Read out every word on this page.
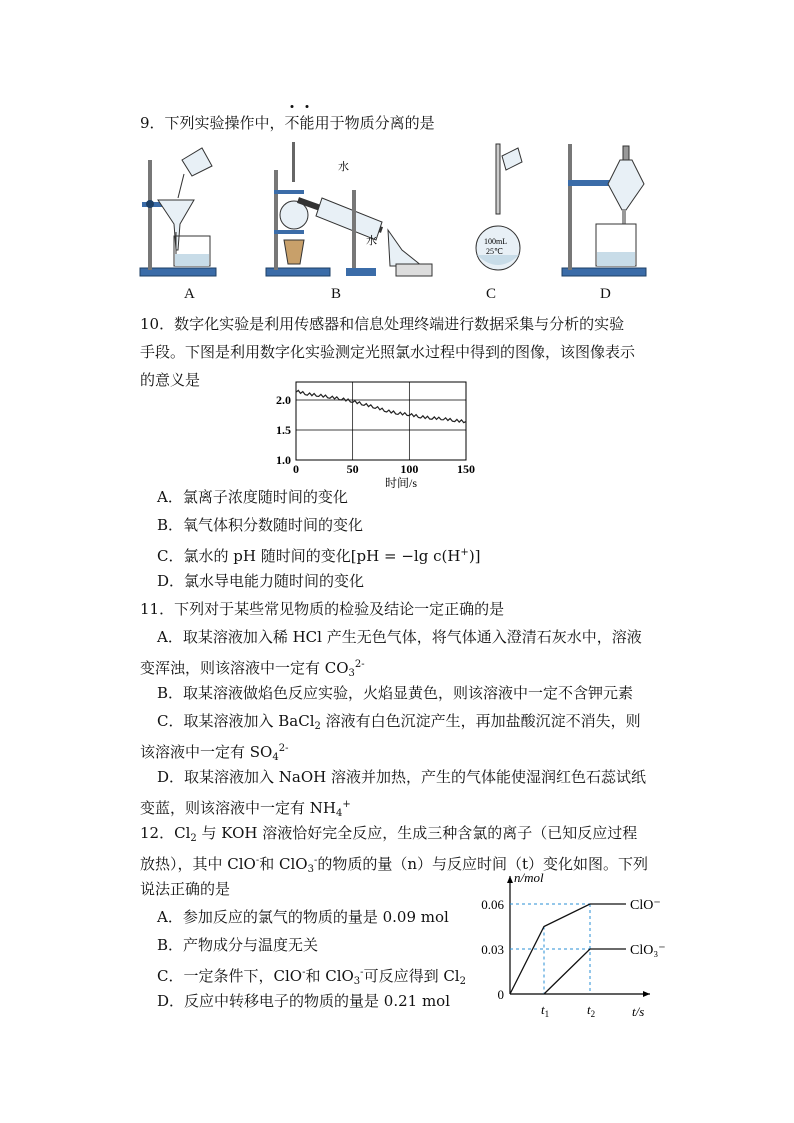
9．下列实验操作中，不能
用于物质分离的是
水
水	100mL
25℃
A	B	C	D
10．数字化实验是利用传感器和信息处理终端进行数据采集与分析的实验
手段。下图是利用数字化实验测定光照氯水过程中得到的图像，该图像表示
的意义是
0	50	100	150
1.0
1.5
2.0
时间/s
A．氯离子浓度随时间的变化
B．氧气体积分数随时间的变化
C．氯水的 pH 随时间的变化[pH = −lg c(H+)]
D．氯水导电能力随时间的变化
11．下列对于某些常见物质的检验及结论一定正确的是
A．取某溶液加入稀 HCl 产生无色气体，将气体通入澄清石灰水中，溶液
变浑浊，则该溶液中一定有 $CO_3^{2-}$
B．取某溶液做焰色反应实验，火焰显黄色，则该溶液中一定不含钾元素
C．取某溶液加入 BaCl$_2$ 溶液有白色沉淀产生，再加盐酸沉淀不消失，则
该溶液中一定有 $SO_4^{2-}$
D．取某溶液加入 NaOH 溶液并加热，产生的气体能使湿润红色石蕊试纸
变蓝，则该溶液中一定有 $NH_4^+$
12．$Cl_2$ 与 KOH 溶液恰好完全反应，生成三种含氯的离子（已知反应过程
放热），其中 ClO-和 ClO$_3$-的物质的量（n）与反应时间（t）变化如图。下列
说法正确的是
A．参加反应的氯气的物质的量是 0.09 mol
B．产物成分与温度无关
C．一定条件下，ClO-和 ClO$_3$-可反应得到 $Cl_2$
D．反应中转移电子的物质的量是 0.21 mol
n/mol
t/s
0
0.03
0.06
$t_1$	$t_2$
ClO⁻
ClO₃⁻
